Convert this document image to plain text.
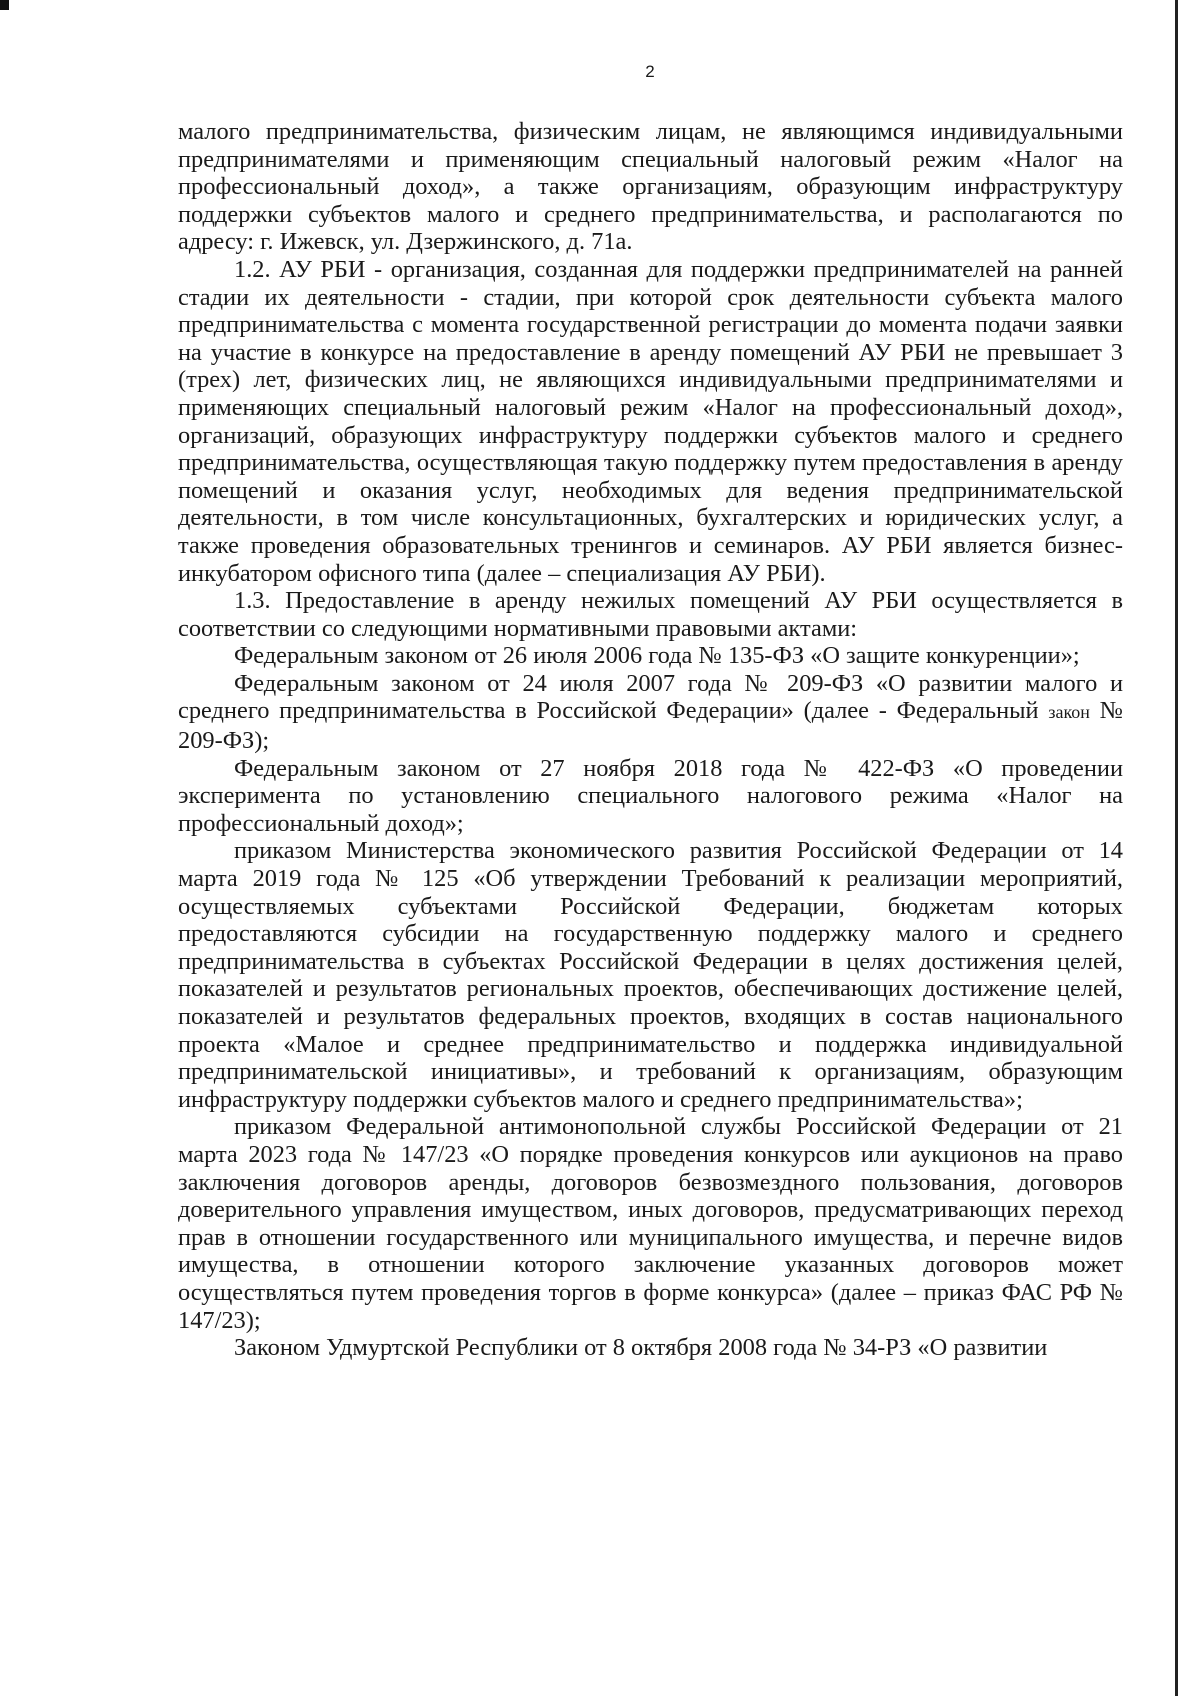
2

малого предпринимательства, физическим лицам, не являющимся индивидуальными предпринимателями и применяющим специальный налоговый режим «Налог на профессиональный доход», а также организациям, образующим инфраструктуру поддержки субъектов малого и среднего предпринимательства, и располагаются по адресу: г. Ижевск, ул. Дзержинского, д. 71а.

1.2. АУ РБИ - организация, созданная для поддержки предпринимателей на ранней стадии их деятельности - стадии, при которой срок деятельности субъекта малого предпринимательства с момента государственной регистрации до момента подачи заявки на участие в конкурсе на предоставление в аренду помещений АУ РБИ не превышает 3 (трех) лет, физических лиц, не являющихся индивидуальными предпринимателями и применяющих специальный налоговый режим «Налог на профессиональный доход», организаций, образующих инфраструктуру поддержки субъектов малого и среднего предпринимательства, осуществляющая такую поддержку путем предоставления в аренду помещений и оказания услуг, необходимых для ведения предпринимательской деятельности, в том числе консультационных, бухгалтерских и юридических услуг, а также проведения образовательных тренингов и семинаров. АУ РБИ является бизнес-инкубатором офисного типа (далее – специализация АУ РБИ).

1.3. Предоставление в аренду нежилых помещений АУ РБИ осуществляется в соответствии со следующими нормативными правовыми актами:

Федеральным законом от 26 июля 2006 года № 135-ФЗ «О защите конкуренции»;

Федеральным законом от 24 июля 2007 года № 209-ФЗ «О развитии малого и среднего предпринимательства в Российской Федерации» (далее - Федеральный закон № 209-ФЗ);

Федеральным законом от 27 ноября 2018 года № 422-ФЗ «О проведении эксперимента по установлению специального налогового режима «Налог на профессиональный доход»;

приказом Министерства экономического развития Российской Федерации от 14 марта 2019 года № 125 «Об утверждении Требований к реализации мероприятий, осуществляемых субъектами Российской Федерации, бюджетам которых предоставляются субсидии на государственную поддержку малого и среднего предпринимательства в субъектах Российской Федерации в целях достижения целей, показателей и результатов региональных проектов, обеспечивающих достижение целей, показателей и результатов федеральных проектов, входящих в состав национального проекта «Малое и среднее предпринимательство и поддержка индивидуальной предпринимательской инициативы», и требований к организациям, образующим инфраструктуру поддержки субъектов малого и среднего предпринимательства»;

приказом Федеральной антимонопольной службы Российской Федерации от 21 марта 2023 года № 147/23 «О порядке проведения конкурсов или аукционов на право заключения договоров аренды, договоров безвозмездного пользования, договоров доверительного управления имуществом, иных договоров, предусматривающих переход прав в отношении государственного или муниципального имущества, и перечне видов имущества, в отношении которого заключение указанных договоров может осуществляться путем проведения торгов в форме конкурса» (далее – приказ ФАС РФ № 147/23);

Законом Удмуртской Республики от 8 октября 2008 года № 34-РЗ «О развитии
